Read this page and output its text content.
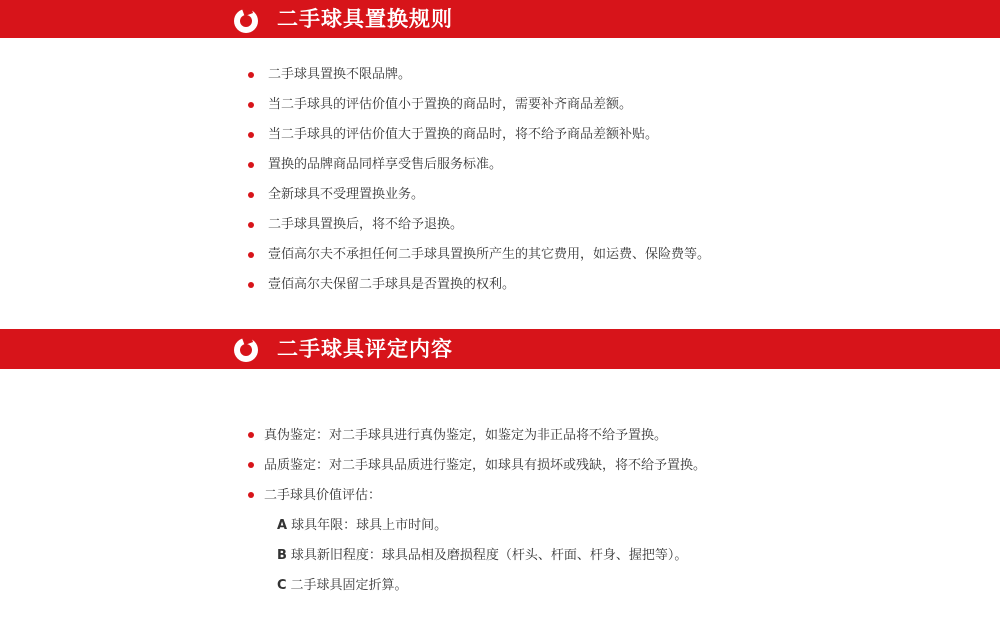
二手球具置换规则
二手球具置换不限品牌。
当二手球具的评估价值小于置换的商品时，需要补齐商品差额。
当二手球具的评估价值大于置换的商品时，将不给予商品差额补贴。
置换的品牌商品同样享受售后服务标准。
全新球具不受理置换业务。
二手球具置换后，将不给予退换。
壹佰高尔夫不承担任何二手球具置换所产生的其它费用，如运费、保险费等。
壹佰高尔夫保留二手球具是否置换的权利。
二手球具评定内容
真伪鉴定：对二手球具进行真伪鉴定，如鉴定为非正品将不给予置换。
品质鉴定：对二手球具品质进行鉴定，如球具有损坏或残缺，将不给予置换。
二手球具价值评估：
A 球具年限：球具上市时间。
B 球具新旧程度：球具品相及磨损程度（杆头、杆面、杆身、握把等）。
C 二手球具固定折算。
